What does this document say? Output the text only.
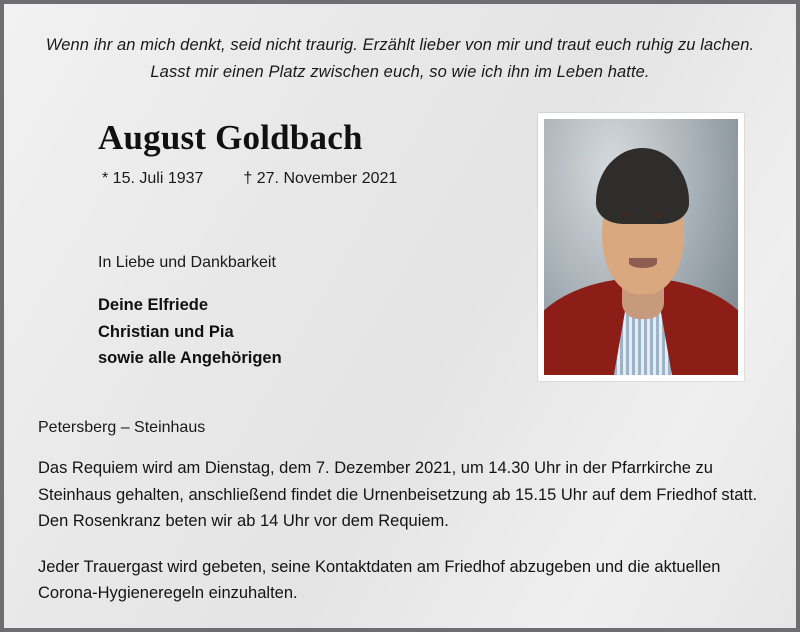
Wenn ihr an mich denkt, seid nicht traurig. Erzählt lieber von mir und traut euch ruhig zu lachen. Lasst mir einen Platz zwischen euch, so wie ich ihn im Leben hatte.
August Goldbach
* 15. Juli 1937	† 27. November 2021
In Liebe und Dankbarkeit
Deine Elfriede
Christian und Pia
sowie alle Angehörigen
Petersberg – Steinhaus
Das Requiem wird am Dienstag, dem 7. Dezember 2021, um 14.30 Uhr in der Pfarrkirche zu Steinhaus gehalten, anschließend findet die Urnenbeisetzung ab 15.15 Uhr auf dem Friedhof statt. Den Rosenkranz beten wir ab 14 Uhr vor dem Requiem.
Jeder Trauergast wird gebeten, seine Kontaktdaten am Friedhof abzugeben und die aktuellen Corona-Hygieneregeln einzuhalten.
